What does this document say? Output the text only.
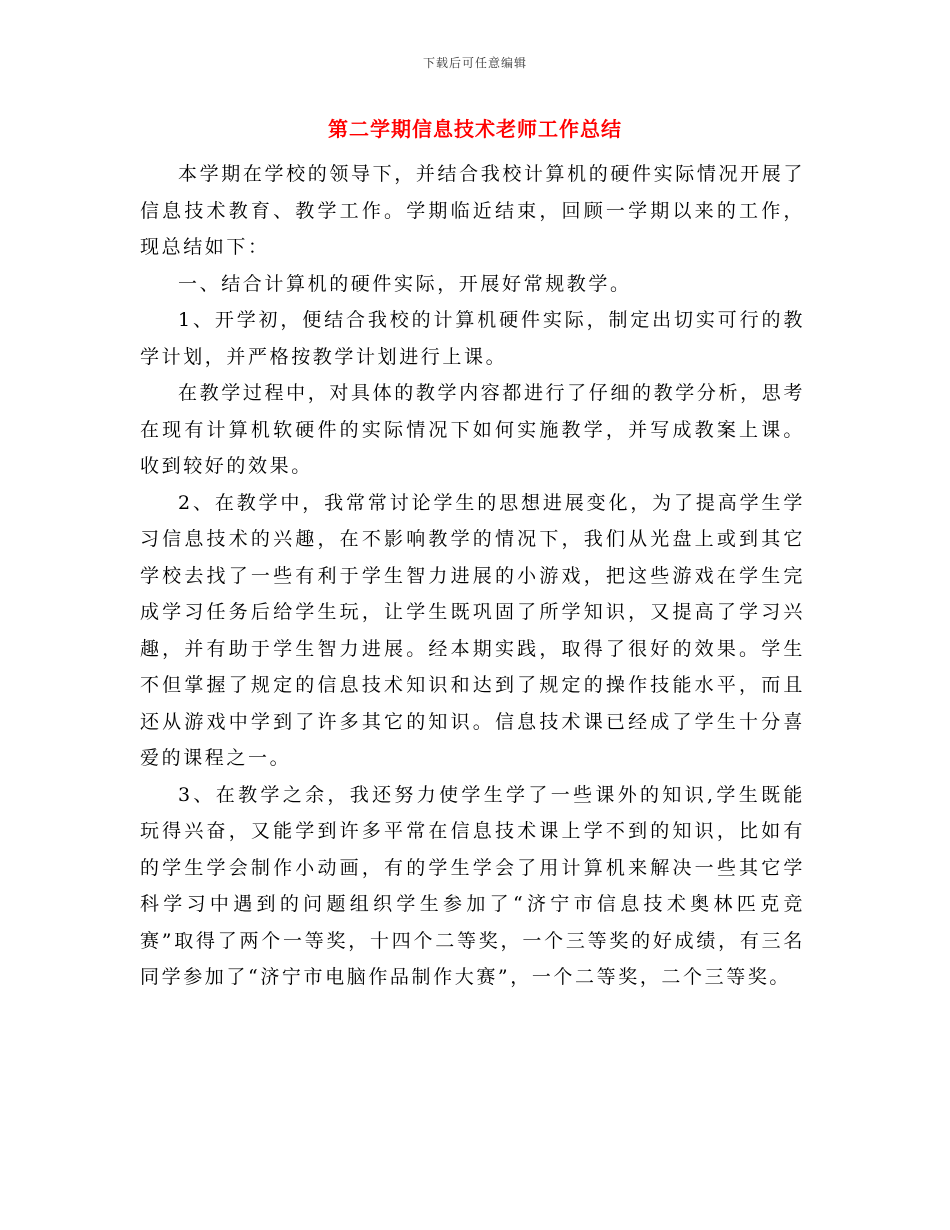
下载后可任意编辑
第二学期信息技术老师工作总结

本学期在学校的领导下，并结合我校计算机的硬件实际情况开展了信息技术教育、教学工作。学期临近结束，回顾一学期以来的工作，现总结如下：

一、结合计算机的硬件实际，开展好常规教学。

1、开学初，便结合我校的计算机硬件实际，制定出切实可行的教学计划，并严格按教学计划进行上课。

在教学过程中，对具体的教学内容都进行了仔细的教学分析，思考在现有计算机软硬件的实际情况下如何实施教学，并写成教案上课。收到较好的效果。

2、在教学中，我常常讨论学生的思想进展变化，为了提高学生学习信息技术的兴趣，在不影响教学的情况下，我们从光盘上或到其它学校去找了一些有利于学生智力进展的小游戏，把这些游戏在学生完成学习任务后给学生玩，让学生既巩固了所学知识，又提高了学习兴趣，并有助于学生智力进展。经本期实践，取得了很好的效果。学生不但掌握了规定的信息技术知识和达到了规定的操作技能水平，而且还从游戏中学到了许多其它的知识。信息技术课已经成了学生十分喜爱的课程之一。

3、在教学之余，我还努力使学生学了一些课外的知识,学生既能玩得兴奋，又能学到许多平常在信息技术课上学不到的知识，比如有的学生学会制作小动画，有的学生学会了用计算机来解决一些其它学科学习中遇到的问题组织学生参加了“济宁市信息技术奥林匹克竞赛”取得了两个一等奖，十四个二等奖，一个三等奖的好成绩，有三名同学参加了“济宁市电脑作品制作大赛”，一个二等奖，二个三等奖。
